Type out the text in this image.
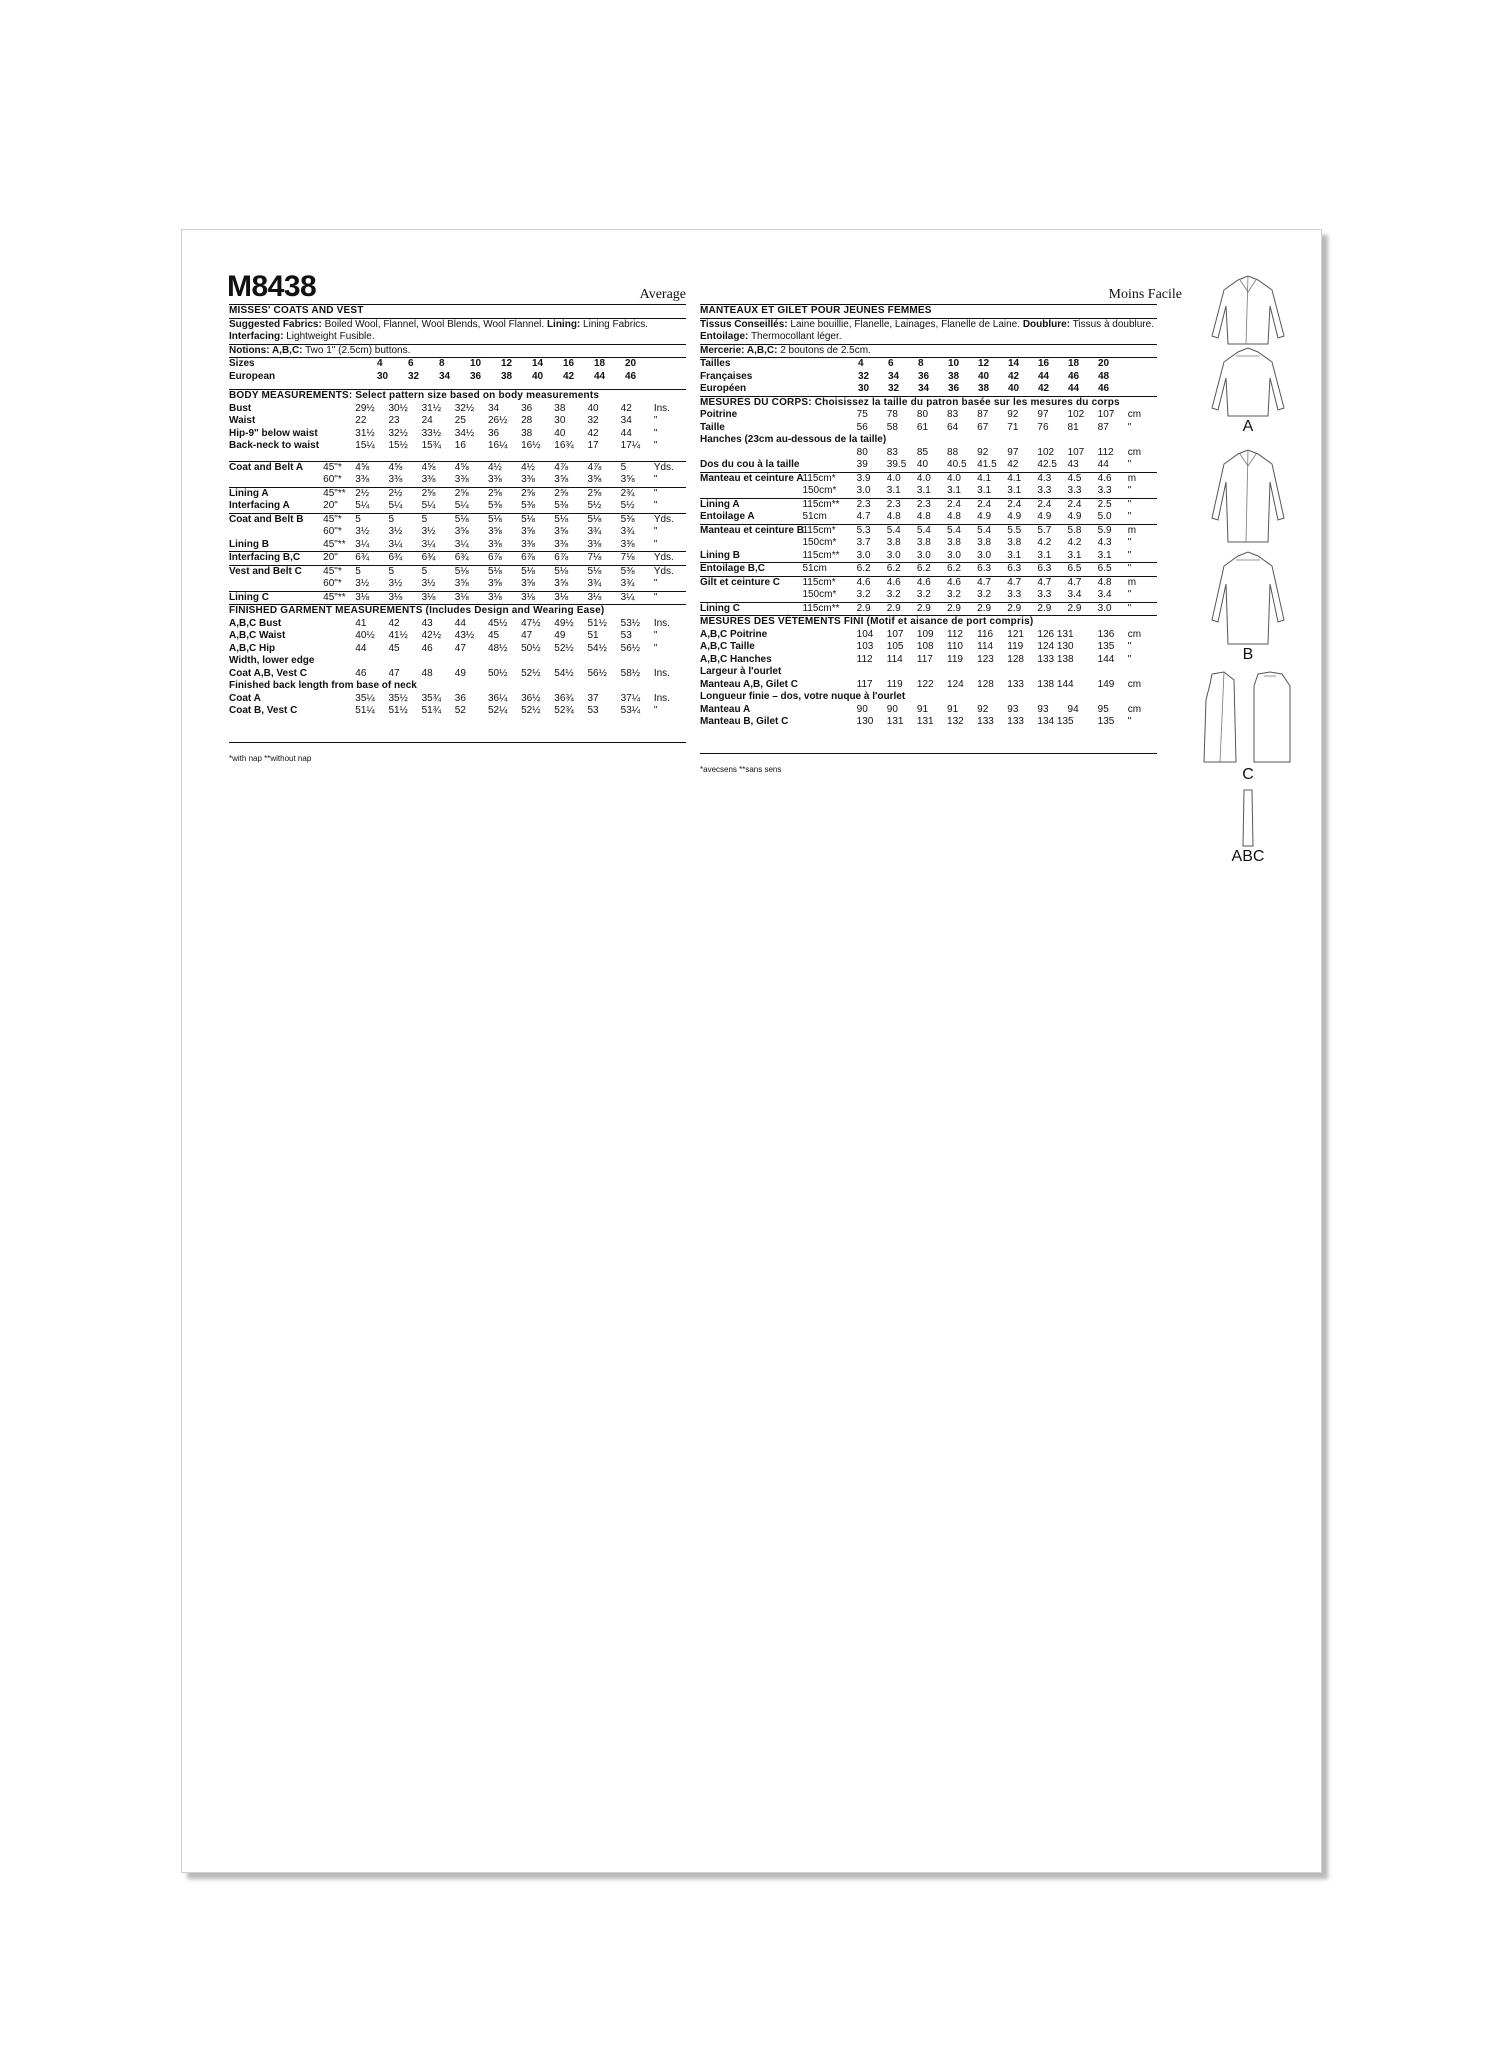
M8438	Average	Moins Facile
MISSES' COATS AND VEST
Suggested Fabrics: Boiled Wool, Flannel, Wool Blends, Wool Flannel. Lining: Lining Fabrics.
Interfacing: Lightweight Fusible.
Notions: A,B,C: Two 1" (2.5cm) buttons.
Sizes		4	6	8	10	12	14	16	18	20	
European		30	32	34	36	38	40	42	44	46	
BODY MEASUREMENTS: Select pattern size based on body measurements
Bust		29½	30½	31½	32½	34	36	38	40	42	Ins.
Waist		22	23	24	25	26½	28	30	32	34	"
Hip-9" below waist		31½	32½	33½	34½	36	38	40	42	44	"
Back-neck to waist		15¼	15½	15¾	16	16¼	16½	16¾	17	17¼	"
Coat and Belt A	45"*	4⅝	4⅝	4⅝	4⅝	4½	4½	4⅞	4⅞	5	Yds.
	60"*	3⅜	3⅜	3⅜	3⅜	3⅜	3⅜	3⅝	3⅝	3⅝	"
Lining A	45"**	2½	2½	2⅝	2⅝	2⅝	2⅝	2⅝	2⅝	2¾	"
Interfacing A	20"	5¼	5¼	5¼	5¼	5⅜	5⅜	5⅜	5½	5½	"
Coat and Belt B	45"*	5	5	5	5⅛	5⅛	5⅛	5⅛	5⅛	5⅜	Yds.
	60"*	3½	3½	3½	3⅝	3⅝	3⅝	3⅝	3¾	3¾	"
Lining B	45"**	3¼	3¼	3¼	3¼	3⅜	3⅜	3⅜	3⅜	3⅜	"
Interfacing B,C	20"	6¾	6¾	6¾	6¾	6⅞	6⅞	6⅞	7⅛	7⅛	Yds.
Vest and Belt C	45"*	5	5	5	5⅛	5⅛	5⅛	5⅛	5⅛	5⅜	Yds.
	60"*	3½	3½	3½	3⅝	3⅝	3⅝	3⅝	3¾	3¾	"
Lining C	45"**	3⅛	3⅛	3⅛	3⅛	3⅛	3⅛	3⅛	3⅛	3¼	"
FINISHED GARMENT MEASUREMENTS (Includes Design and Wearing Ease)
A,B,C Bust		41	42	43	44	45½	47½	49½	51½	53½	Ins.
A,B,C Waist		40½	41½	42½	43½	45	47	49	51	53	"
A,B,C Hip		44	45	46	47	48½	50½	52½	54½	56½	"
Width, lower edge											
Coat A,B, Vest C		46	47	48	49	50½	52½	54½	56½	58½	Ins.
Finished back length from base of neck											
Coat A		35¼	35½	35¾	36	36¼	36½	36¾	37	37¼	Ins.
Coat B, Vest C		51¼	51½	51¾	52	52¼	52½	52¾	53	53¼	"
*with nap **without nap
MANTEAUX ET GILET POUR JEUNES FEMMES
Tissus Conseillés: Laine bouillie, Flanelle, Lainages, Flanelle de Laine. Doublure: Tissus à doublure.
Entoilage: Thermocollant léger.
Mercerie: A,B,C: 2 boutons de 2.5cm.
Tailles		4	6	8	10	12	14	16	18	20	
Françaises		32	34	36	38	40	42	44	46	48	
Européen		30	32	34	36	38	40	42	44	46	
MESURES DU CORPS: Choisissez la taille du patron basée sur les mesures du corps
Poitrine		75	78	80	83	87	92	97	102	107	cm
Taille		56	58	61	64	67	71	76	81	87	"
Hanches (23cm au-dessous de la taille)											
		80	83	85	88	92	97	102	107	112	cm
Dos du cou à la taille		39	39.5	40	40.5	41.5	42	42.5	43	44	"
Manteau et ceinture A	115cm*	3.9	4.0	4.0	4.0	4.1	4.1	4.3	4.5	4.6	m
	150cm*	3.0	3.1	3.1	3.1	3.1	3.1	3.3	3.3	3.3	"
Lining A	115cm**	2.3	2.3	2.3	2.4	2.4	2.4	2.4	2.4	2.5	"
Entoilage A	51cm	4.7	4.8	4.8	4.8	4.9	4.9	4.9	4.9	5.0	"
Manteau et ceinture B	115cm*	5.3	5.4	5.4	5.4	5.4	5.5	5.7	5.8	5.9	m
	150cm*	3.7	3.8	3.8	3.8	3.8	3.8	4.2	4.2	4.3	"
Lining B	115cm**	3.0	3.0	3.0	3.0	3.0	3.1	3.1	3.1	3.1	"
Entoilage B,C	51cm	6.2	6.2	6.2	6.2	6.3	6.3	6.3	6.5	6.5	"
Gilt et ceinture C	115cm*	4.6	4.6	4.6	4.6	4.7	4.7	4.7	4.7	4.8	m
	150cm*	3.2	3.2	3.2	3.2	3.2	3.3	3.3	3.4	3.4	"
Lining C	115cm**	2.9	2.9	2.9	2.9	2.9	2.9	2.9	2.9	3.0	"
MESURES DES VÊTEMENTS FINI (Motif et aisance de port compris)
A,B,C Poitrine		104	107	109	112	116	121	126 131		136	cm
A,B,C Taille		103	105	108	110	114	119	124 130		135	"
A,B,C Hanches		112	114	117	119	123	128	133 138		144	"
Largeur à l'ourlet											
Manteau A,B, Gilet C		117	119	122	124	128	133	138 144		149	cm
Longueur finie – dos, votre nuque à l'ourlet											
Manteau A		90	90	91	91	92	93	93	94	95	cm
Manteau B, Gilet C		130	131	131	132	133	133	134 135		135	"
*avecsens **sans sens
A
B
C
ABC
